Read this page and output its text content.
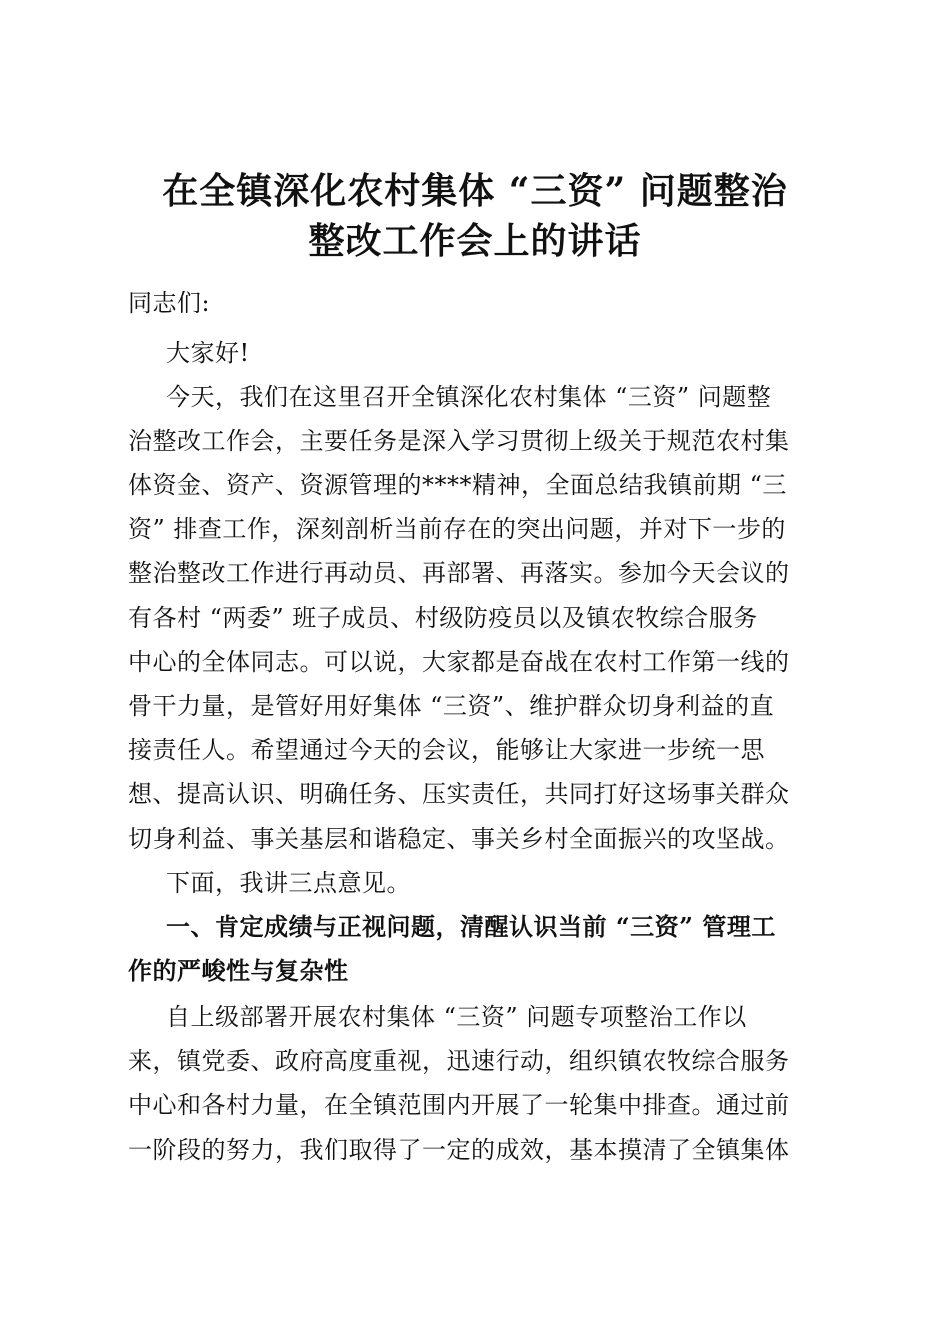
在全镇深化农村集体 “三资” 问题整治
整改工作会上的讲话
同志们:
大家好!
今天，我们在这里召开全镇深化农村集体 “三资” 问题整
治整改工作会，主要任务是深入学习贯彻上级关于规范农村集
体资金、资产、资源管理的****精神，全面总结我镇前期 “三
资” 排查工作，深刻剖析当前存在的突出问题，并对下一步的
整治整改工作进行再动员、再部署、再落实。参加今天会议的
有各村 “两委” 班子成员、村级防疫员以及镇农牧综合服务
中心的全体同志。可以说，大家都是奋战在农村工作第一线的
骨干力量，是管好用好集体 “三资”、维护群众切身利益的直
接责任人。希望通过今天的会议，能够让大家进一步统一思
想、提高认识、明确任务、压实责任，共同打好这场事关群众
切身利益、事关基层和谐稳定、事关乡村全面振兴的攻坚战。
下面，我讲三点意见。
一、肯定成绩与正视问题，清醒认识当前 “三资” 管理工
作的严峻性与复杂性
自上级部署开展农村集体 “三资” 问题专项整治工作以
来，镇党委、政府高度重视，迅速行动，组织镇农牧综合服务
中心和各村力量，在全镇范围内开展了一轮集中排查。通过前
一阶段的努力，我们取得了一定的成效，基本摸清了全镇集体
